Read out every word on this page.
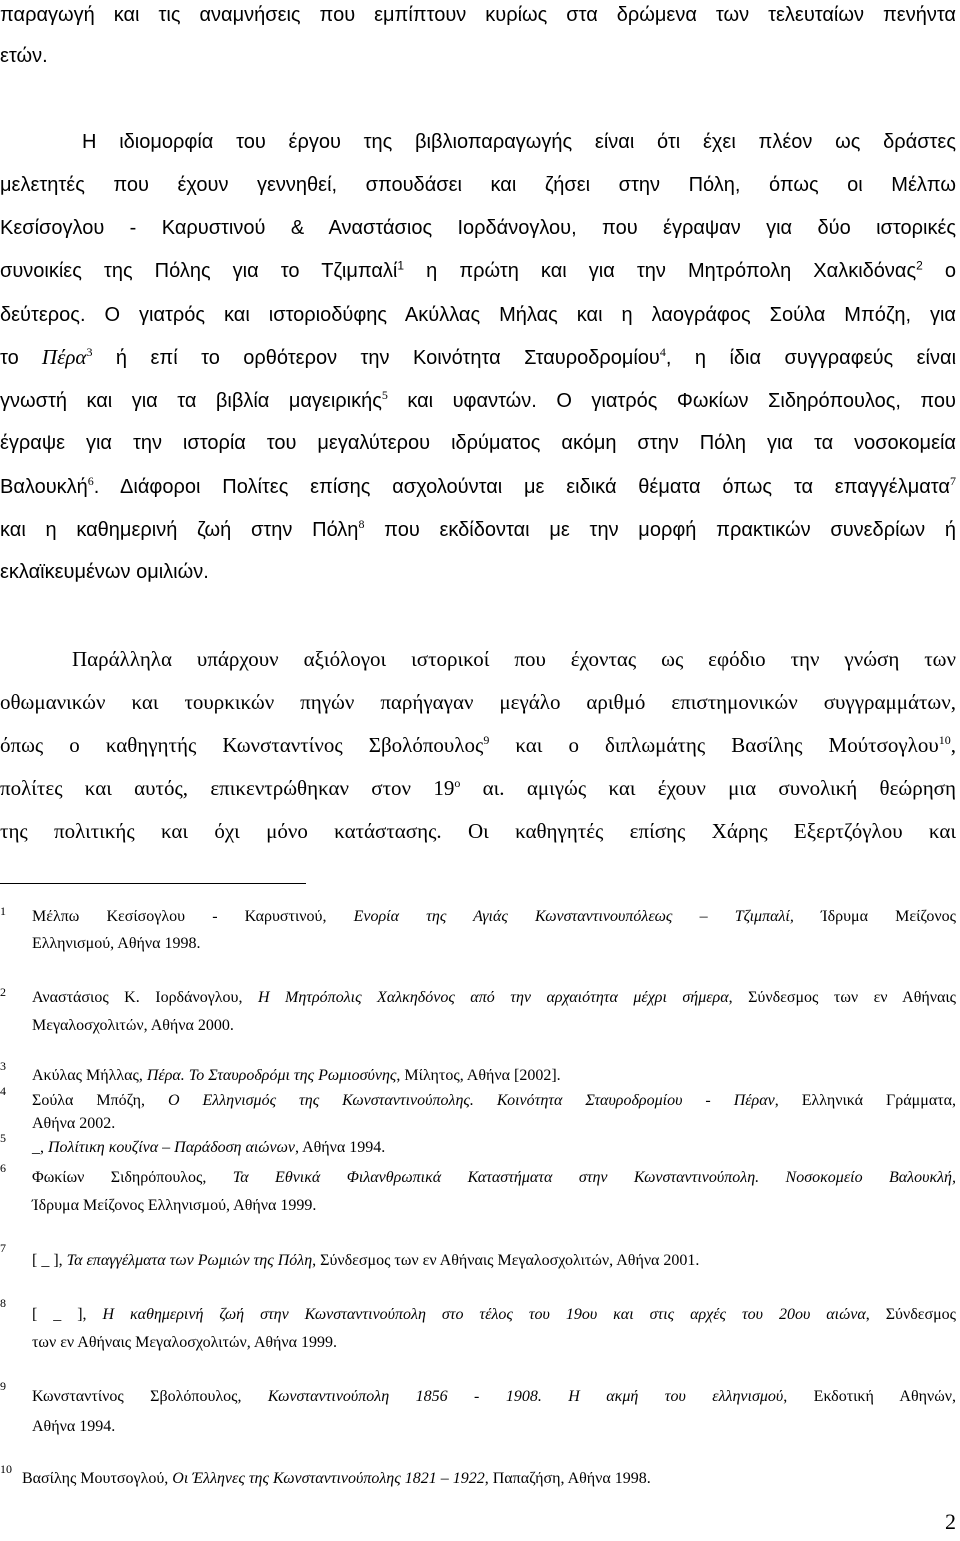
παραγωγή και τις αναμνήσεις που εμπίπτουν κυρίως στα δρώμενα των τελευταίων πενήντα
ετών.
Η ιδιομορφία του έργου της βιβλιοπαραγωγής είναι ότι έχει πλέον ως δράστες
μελετητές που έχουν γεννηθεί, σπουδάσει και ζήσει στην Πόλη, όπως οι Μέλπω
Κεσίσογλου - Καρυστινού & Αναστάσιος Ιορδάνογλου, που έγραψαν για δύο ιστορικές
συνοικίες της Πόλης για το Τζιμπαλί$^1$ η πρώτη και για την Μητρόπολη Χαλκιδόνας$^2$ ο
δεύτερος. Ο γιατρός και ιστοριοδύφης Ακύλλας Μήλας και η λαογράφος Σούλα Μπόζη, για
το Πέρα$^3$ ή επί το ορθότερον την Κοινότητα Σταυροδρομίου$^4$, η ίδια συγγραφεύς είναι
γνωστή και για τα βιβλία μαγειρικής$^5$ και υφαντών. Ο γιατρός Φωκίων Σιδηρόπουλος, που
έγραψε για την ιστορία του μεγαλύτερου ιδρύματος ακόμη στην Πόλη για τα νοσοκομεία
Βαλουκλή$^6$. Διάφοροι Πολίτες επίσης ασχολούνται με ειδικά θέματα όπως τα επαγγέλματα$^7$
και η καθημερινή ζωή στην Πόλη$^8$ που εκδίδονται με την μορφή πρακτικών συνεδρίων ή
εκλαϊκευμένων ομιλιών.
Παράλληλα υπάρχουν αξιόλογοι ιστορικοί που έχοντας ως εφόδιο την γνώση των
οθωμανικών και τουρκικών πηγών παρήγαγαν μεγάλο αριθμό επιστημονικών συγγραμμάτων,
όπως ο καθηγητής Κωνσταντίνος Σβολόπουλος$^9$ και ο διπλωμάτης Βασίλης Μούτσογλου$^{10}$,
πολίτες και αυτός, επικεντρώθηκαν στον $19^o$ αι. αμιγώς και έχουν μια συνολική θεώρηση
της πολιτικής και όχι μόνο κατάστασης. Οι καθηγητές επίσης Χάρης Εξερτζόγλου και
1 Μέλπω Κεσίσογλου - Καρυστινού, Ενορία της Αγιάς Κωνσταντινουπόλεως – Τζιμπαλί, Ίδρυμα Μείζονος
Ελληνισμού, Αθήνα 1998.
2 Αναστάσιος Κ. Ιορδάνογλου, Η Μητρόπολις Χαλκηδόνος από την αρχαιότητα μέχρι σήμερα, Σύνδεσμος των εν Αθήναις
Μεγαλοσχολιτών, Αθήνα 2000.
3
Ακύλας Μήλλας, Πέρα. Το Σταυροδρόμι της Ρωμιοσύνης, Μίλητος, Αθήνα [2002].
4
Σούλα Μπόζη, Ο Ελληνισμός της Κωνσταντινούπολης. Κοινότητα Σταυροδρομίου - Πέραν, Ελληνικά Γράμματα,
Αθήνα 2002.
5
_, Πολίτικη κουζίνα – Παράδοση αιώνων, Αθήνα 1994.
6
Φωκίων Σιδηρόπουλος, Τα Εθνικά Φιλανθρωπικά Καταστήματα στην Κωνσταντινούπολη. Νοσοκομείο Βαλουκλή,
Ίδρυμα Μείζονος Ελληνισμού, Αθήνα 1999.
7
[ _ ], Τα επαγγέλματα των Ρωμιών της Πόλη, Σύνδεσμος των εν Αθήναις Μεγαλοσχολιτών, Αθήνα 2001.
8
[ _ ], Η καθημερινή ζωή στην Κωνσταντινούπολη στο τέλος του 19ου και στις αρχές του 20ου αιώνα, Σύνδεσμος
των εν Αθήναις Μεγαλοσχολιτών, Αθήνα 1999.
9
Κωνσταντίνος Σβολόπουλος, Κωνσταντινούπολη 1856 - 1908. Η ακμή του ελληνισμού, Εκδοτική Αθηνών,
Αθήνα 1994.
10
Βασίλης Μουτσογλού, Οι Έλληνες της Κωνσταντινούπολης 1821 – 1922, Παπαζήση, Αθήνα 1998.
2
